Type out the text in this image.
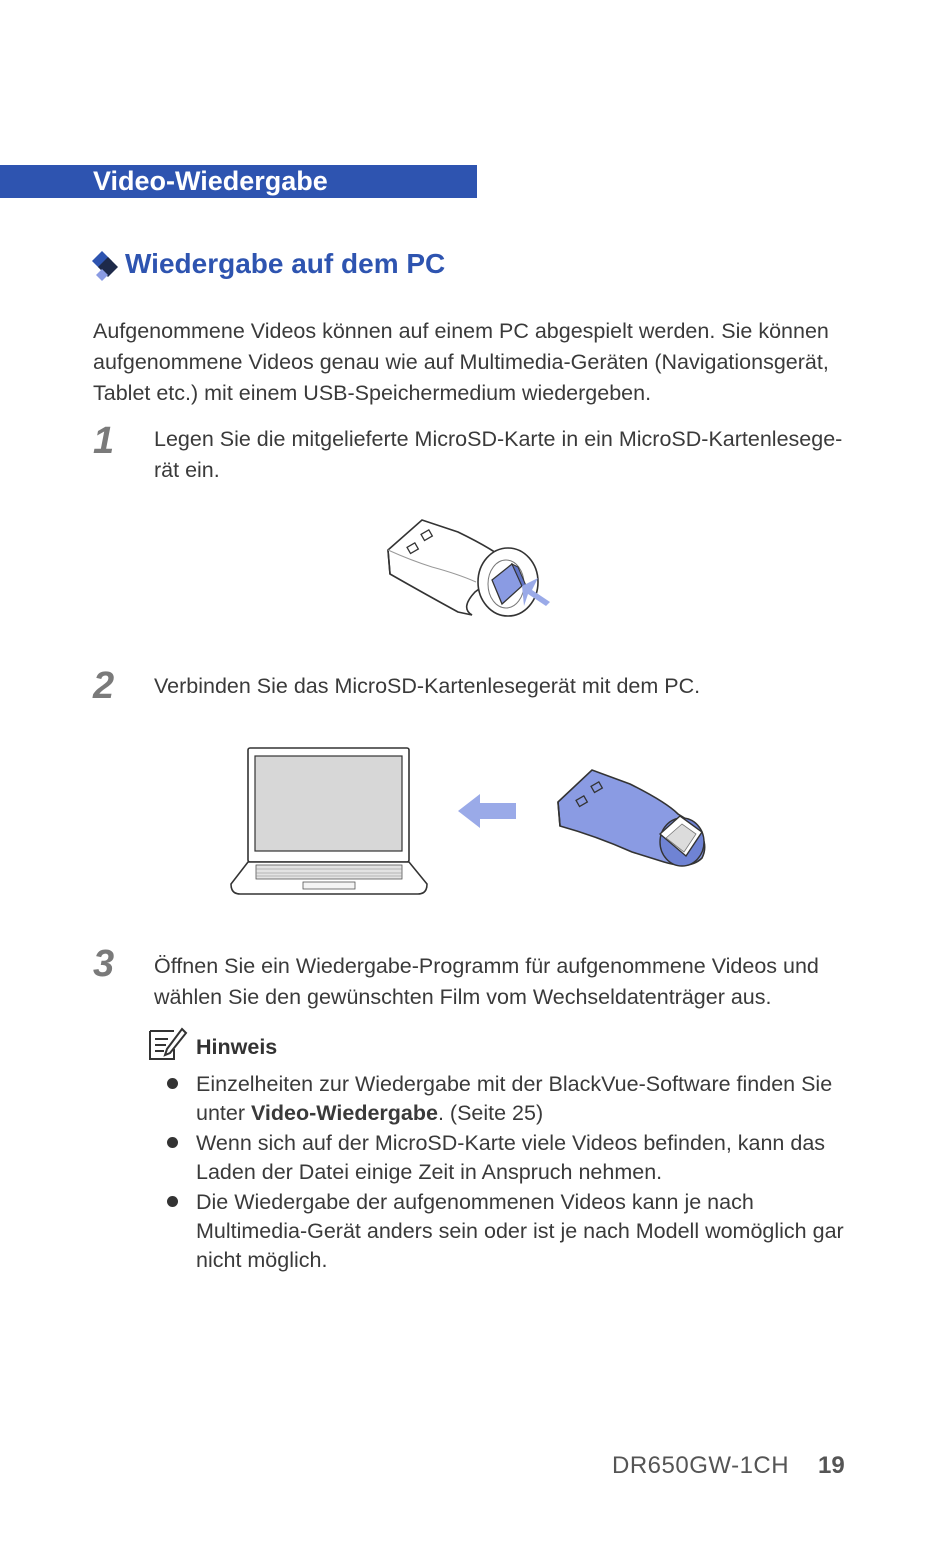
Video-Wiedergabe
Wiedergabe auf dem PC
Aufgenommene Videos können auf einem PC abgespielt werden. Sie können aufgenommene Videos genau wie auf Multimedia-Geräten (Navigationsgerät, Tablet etc.) mit einem USB-Speichermedium wiedergeben.
1 Legen Sie die mitgelieferte MicroSD-Karte in ein MicroSD-Kartenlesege-rät ein.
2 Verbinden Sie das MicroSD-Kartenlesegerät mit dem PC.
3 Öffnen Sie ein Wiedergabe-Programm für aufgenommene Videos und wählen Sie den gewünschten Film vom Wechseldatenträger aus.
Hinweis
Einzelheiten zur Wiedergabe mit der BlackVue-Software finden Sie unter Video-Wiedergabe. (Seite 25)
Wenn sich auf der MicroSD-Karte viele Videos befinden, kann das Laden der Datei einige Zeit in Anspruch nehmen.
Die Wiedergabe der aufgenommenen Videos kann je nach Multimedia-Gerät anders sein oder ist je nach Modell womöglich gar nicht möglich.
DR650GW-1CH 19
